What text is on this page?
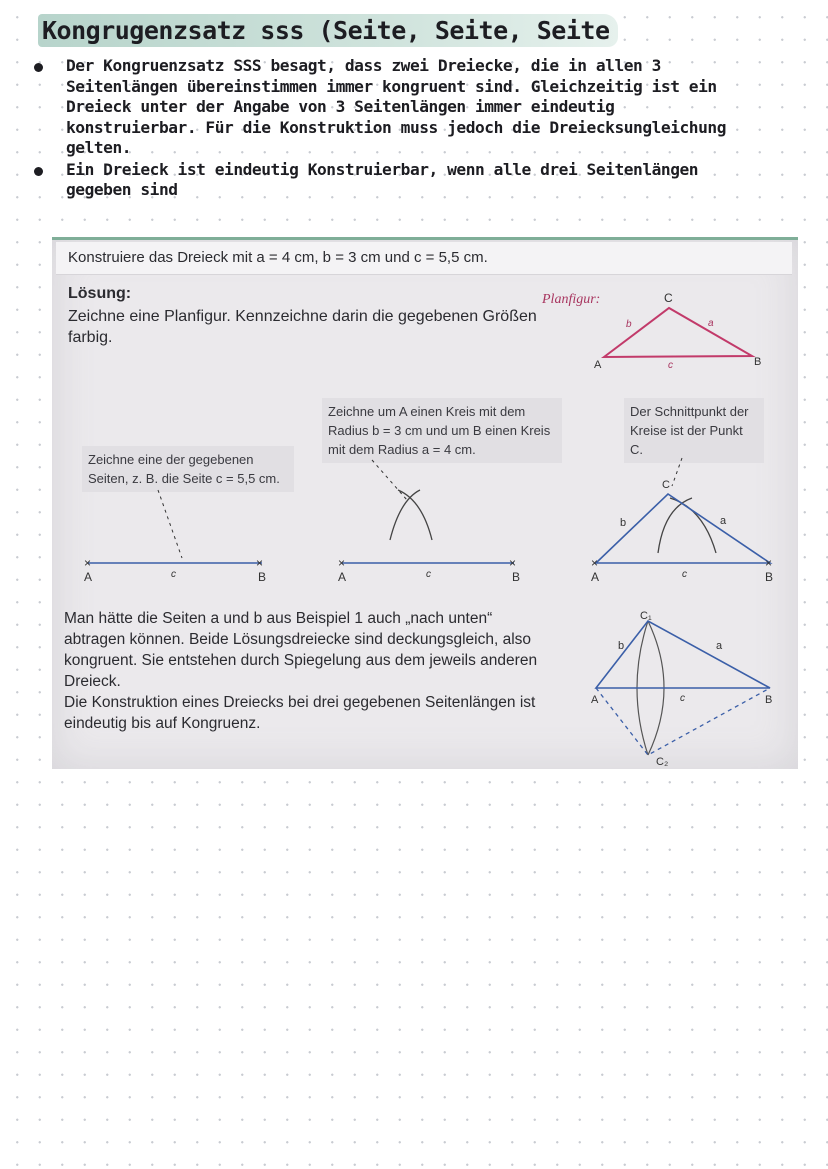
Kongrugenzsatz sss (Seite, Seite, Seite
Der Kongruenzsatz SSS besagt, dass zwei Dreiecke, die in allen 3 Seitenlängen übereinstimmen immer kongruent sind. Gleichzeitig ist ein Dreieck unter der Angabe von 3 Seitenlängen immer eindeutig konstruierbar. Für die Konstruktion muss jedoch die Dreiecksungleichung gelten.
Ein Dreieck ist eindeutig Konstruierbar, wenn alle drei Seitenlängen gegeben sind
Konstruiere das Dreieck mit a = 4 cm, b = 3 cm und c = 5,5 cm.
Lösung:
Zeichne eine Planfigur. Kennzeichne darin die gegebenen Größen farbig.
Planfigur:
A	B
C
b	a
c
Zeichne eine der gegebenen Seiten, z. B. die Seite c = 5,5 cm.
Zeichne um A einen Kreis mit dem Radius b = 3 cm und um B einen Kreis mit dem Radius a = 4 cm.
Der Schnittpunkt der Kreise ist der Punkt C.
×	×
A	B
c
×	×
A	B
c
×	×
A	B
C
b	a
c
A	B
C₁
C₂
b	a
c

Man hätte die Seiten a und b aus Beispiel 1 auch „nach unten“ abtragen können. Beide Lösungsdreiecke sind deckungsgleich, also kongruent. Sie entstehen durch Spiegelung aus dem jeweils anderen Dreieck.

Die Konstruktion eines Dreiecks bei drei gegebenen Seitenlängen ist eindeutig bis auf Kongruenz.
